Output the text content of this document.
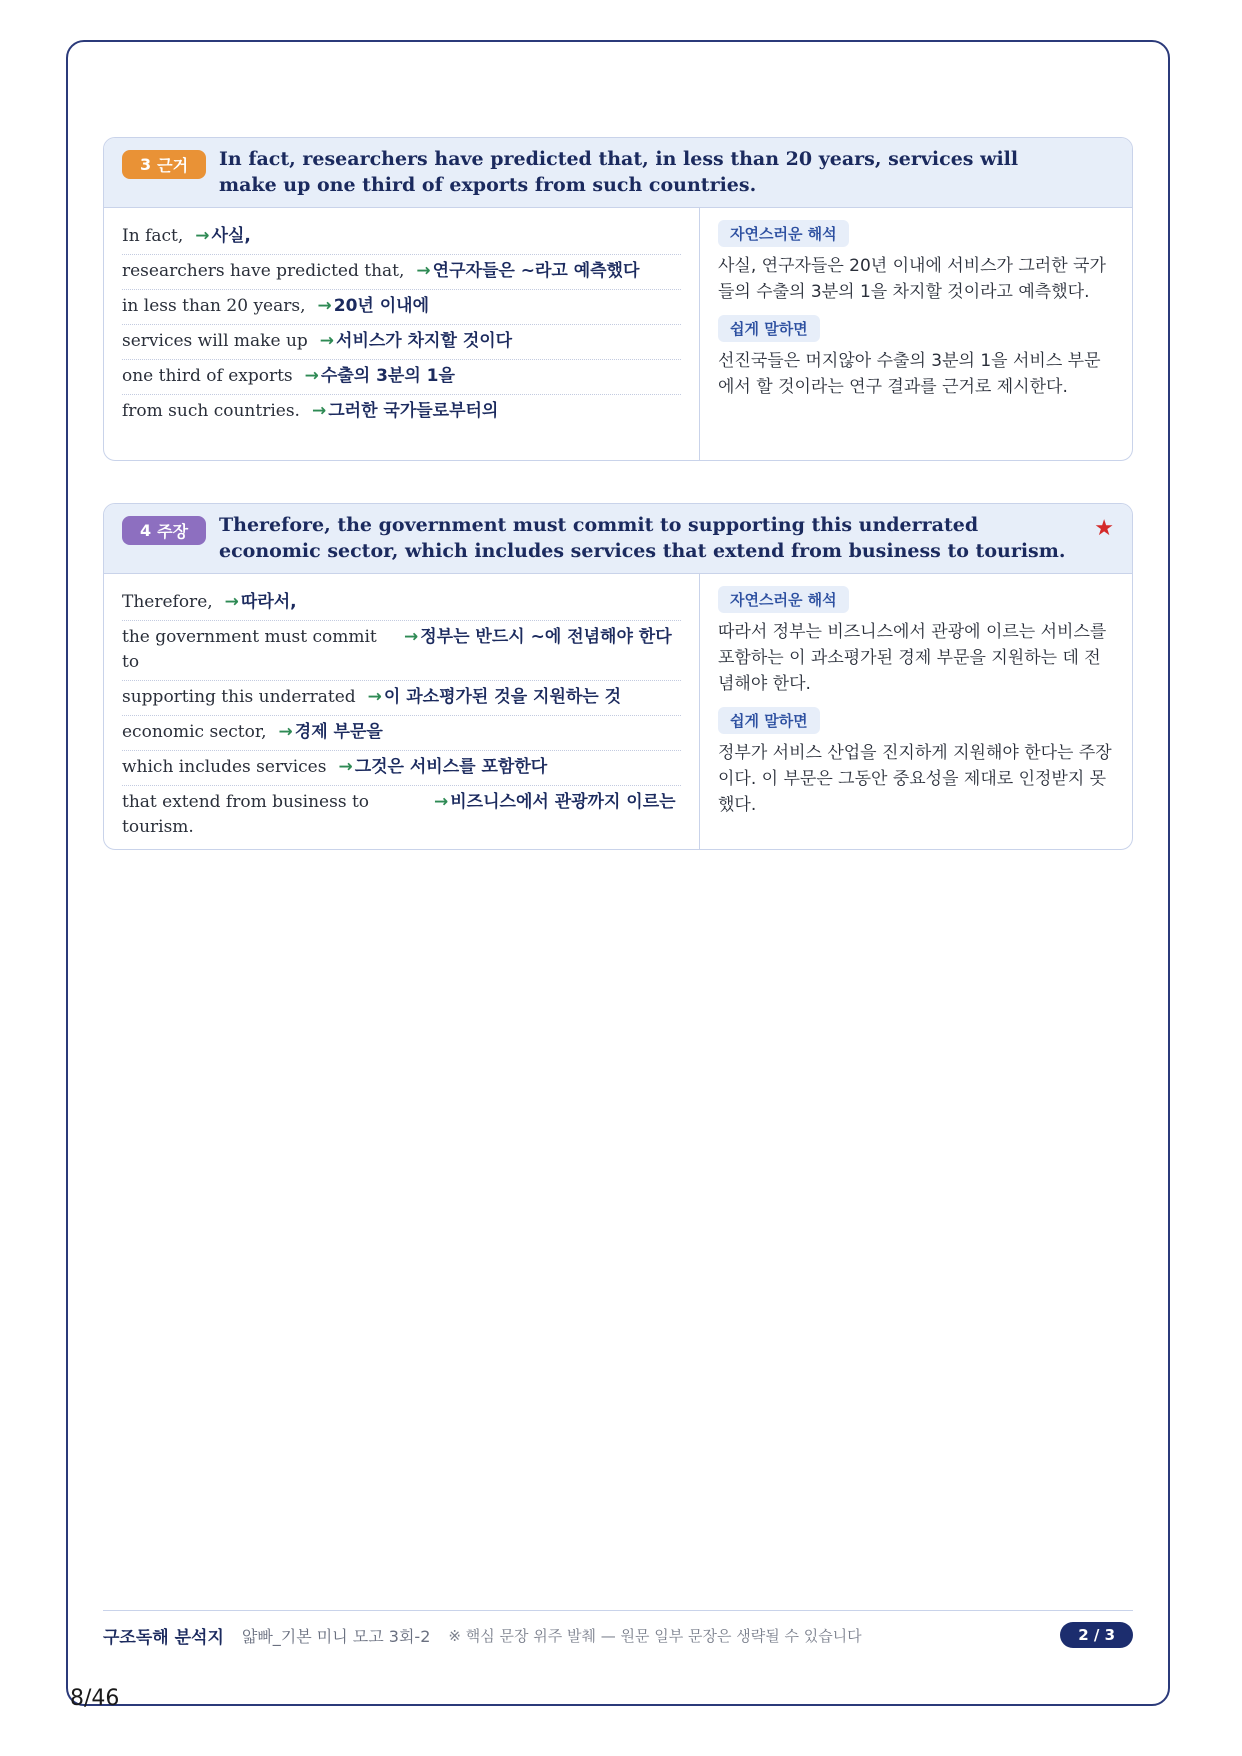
3 근거 In fact, researchers have predicted that, in less than 20 years, services will make up one third of exports from such countries.
In fact, → 사실,
researchers have predicted that, → 연구자들은 ~라고 예측했다
in less than 20 years, → 20년 이내에
services will make up → 서비스가 차지할 것이다
one third of exports → 수출의 3분의 1을
from such countries. → 그러한 국가들로부터의
자연스러운 해석

사실, 연구자들은 20년 이내에 서비스가 그러한 국가들의 수출의 3분의 1을 차지할 것이라고 예측했다.

쉽게 말하면

선진국들은 머지않아 수출의 3분의 1을 서비스 부문에서 할 것이라는 연구 결과를 근거로 제시한다.

4 주장 Therefore, the government must commit to supporting this underrated economic sector, which includes services that extend from business to tourism.
★
Therefore, → 따라서,
the government must commit to
→ 정부는 반드시 ~에 전념해야 한다
supporting this underrated → 이 과소평가된 것을 지원하는 것
economic sector, → 경제 부문을
which includes services → 그것은 서비스를 포함한다
that extend from business to tourism.
→ 비즈니스에서 관광까지 이르는
자연스러운 해석

따라서 정부는 비즈니스에서 관광에 이르는 서비스를 포함하는 이 과소평가된 경제 부문을 지원하는 데 전념해야 한다.

쉽게 말하면

정부가 서비스 산업을 진지하게 지원해야 한다는 주장이다. 이 부문은 그동안 중요성을 제대로 인정받지 못했다.

구조독해 분석지 얇빠_기본 미니 모고 3회-2 ※ 핵심 문장 위주 발췌 — 원문 일부 문장은 생략될 수 있습니다	2 / 3
8/46
